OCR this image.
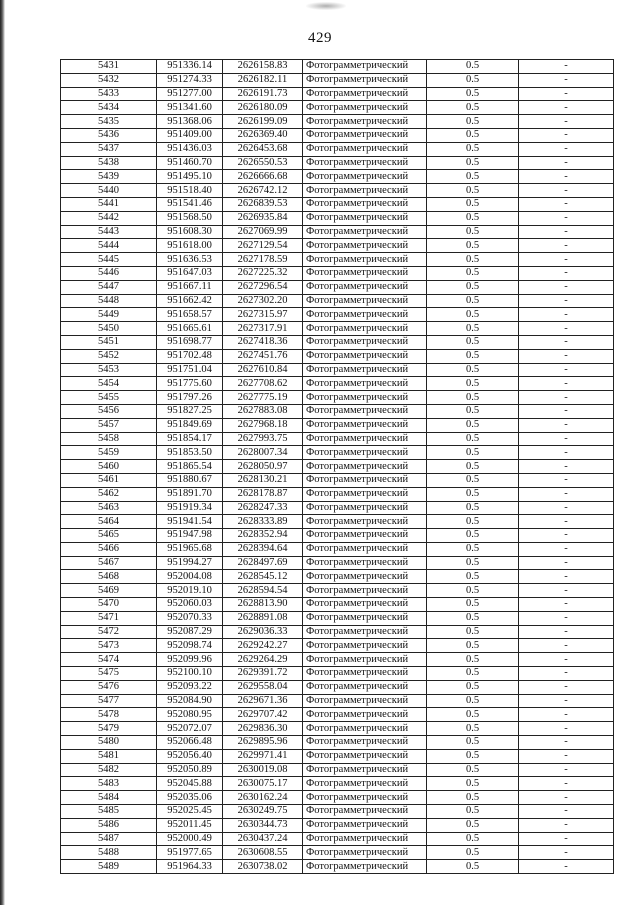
429
5431	951336.14	2626158.83	Фотограмметрический	0.5	-
5432	951274.33	2626182.11	Фотограмметрический	0.5	-
5433	951277.00	2626191.73	Фотограмметрический	0.5	-
5434	951341.60	2626180.09	Фотограмметрический	0.5	-
5435	951368.06	2626199.09	Фотограмметрический	0.5	-
5436	951409.00	2626369.40	Фотограмметрический	0.5	-
5437	951436.03	2626453.68	Фотограмметрический	0.5	-
5438	951460.70	2626550.53	Фотограмметрический	0.5	-
5439	951495.10	2626666.68	Фотограмметрический	0.5	-
5440	951518.40	2626742.12	Фотограмметрический	0.5	-
5441	951541.46	2626839.53	Фотограмметрический	0.5	-
5442	951568.50	2626935.84	Фотограмметрический	0.5	-
5443	951608.30	2627069.99	Фотограмметрический	0.5	-
5444	951618.00	2627129.54	Фотограмметрический	0.5	-
5445	951636.53	2627178.59	Фотограмметрический	0.5	-
5446	951647.03	2627225.32	Фотограмметрический	0.5	-
5447	951667.11	2627296.54	Фотограмметрический	0.5	-
5448	951662.42	2627302.20	Фотограмметрический	0.5	-
5449	951658.57	2627315.97	Фотограмметрический	0.5	-
5450	951665.61	2627317.91	Фотограмметрический	0.5	-
5451	951698.77	2627418.36	Фотограмметрический	0.5	-
5452	951702.48	2627451.76	Фотограмметрический	0.5	-
5453	951751.04	2627610.84	Фотограмметрический	0.5	-
5454	951775.60	2627708.62	Фотограмметрический	0.5	-
5455	951797.26	2627775.19	Фотограмметрический	0.5	-
5456	951827.25	2627883.08	Фотограмметрический	0.5	-
5457	951849.69	2627968.18	Фотограмметрический	0.5	-
5458	951854.17	2627993.75	Фотограмметрический	0.5	-
5459	951853.50	2628007.34	Фотограмметрический	0.5	-
5460	951865.54	2628050.97	Фотограмметрический	0.5	-
5461	951880.67	2628130.21	Фотограмметрический	0.5	-
5462	951891.70	2628178.87	Фотограмметрический	0.5	-
5463	951919.34	2628247.33	Фотограмметрический	0.5	-
5464	951941.54	2628333.89	Фотограмметрический	0.5	-
5465	951947.98	2628352.94	Фотограмметрический	0.5	-
5466	951965.68	2628394.64	Фотограмметрический	0.5	-
5467	951994.27	2628497.69	Фотограмметрический	0.5	-
5468	952004.08	2628545.12	Фотограмметрический	0.5	-
5469	952019.10	2628594.54	Фотограмметрический	0.5	-
5470	952060.03	2628813.90	Фотограмметрический	0.5	-
5471	952070.33	2628891.08	Фотограмметрический	0.5	-
5472	952087.29	2629036.33	Фотограмметрический	0.5	-
5473	952098.74	2629242.27	Фотограмметрический	0.5	-
5474	952099.96	2629264.29	Фотограмметрический	0.5	-
5475	952100.10	2629391.72	Фотограмметрический	0.5	-
5476	952093.22	2629558.04	Фотограмметрический	0.5	-
5477	952084.90	2629671.36	Фотограмметрический	0.5	-
5478	952080.95	2629707.42	Фотограмметрический	0.5	-
5479	952072.07	2629836.30	Фотограмметрический	0.5	-
5480	952066.48	2629895.96	Фотограмметрический	0.5	-
5481	952056.40	2629971.41	Фотограмметрический	0.5	-
5482	952050.89	2630019.08	Фотограмметрический	0.5	-
5483	952045.88	2630075.17	Фотограмметрический	0.5	-
5484	952035.06	2630162.24	Фотограмметрический	0.5	-
5485	952025.45	2630249.75	Фотограмметрический	0.5	-
5486	952011.45	2630344.73	Фотограмметрический	0.5	-
5487	952000.49	2630437.24	Фотограмметрический	0.5	-
5488	951977.65	2630608.55	Фотограмметрический	0.5	-
5489	951964.33	2630738.02	Фотограмметрический	0.5	-
